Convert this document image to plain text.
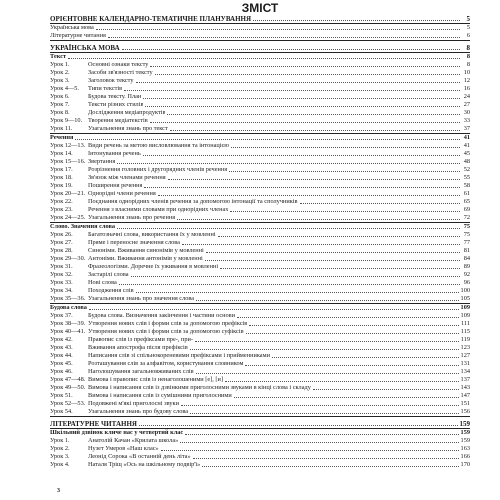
ЗМІСТ
ОРІЄНТОВНЕ КАЛЕНДАРНО-ТЕМАТИЧНЕ ПЛАНУВАННЯ	5
Українська мова	5
Літературне читання	6
УКРАЇНСЬКА МОВА	8
Текст	8
Урок 1.	Основні ознаки тексту	8
Урок 2.	Засоби зв'язності тексту	10
Урок 3.	Заголовок тексту	12
Урок 4—5.	Типи текстів	16
Урок 6.	Будова тексту. План	24
Урок 7.	Тексти різних стилів	27
Урок 8.	Дослідження медіапродуктів	30
Урок 9—10. Творення медіатекстів	33
Урок 11.	Узагальнення знань про текст	37
Речення	41
Урок 12—13. Види речень за метою висловлювання та інтонацією	41
Урок 14.	Інтонування речень	45
Урок 15—16. Звертання	48
Урок 17.	Розрізнення головних і другорядних членів речення	52
Урок 18.	Зв'язок між членами речення	55
Урок 19.	Поширення речення	58
Урок 20—21. Однорідні члени речення	61
Урок 22.	Поєднання однорідних членів речення за допомогою інтонації та сполучників	65
Урок 23.	Речення з власними словами при однорідних членах	69
Урок 24—25. Узагальнення знань про речення	72
Слово. Значення слова	75
Урок 26.	Багатозначні слова, використання їх у мовленні	75
Урок 27.	Пряме і переносне значення слова	77
Урок 28.	Синоніми. Вживання синонімів у мовленні	81
Урок 29—30. Антоніми. Вживання антонімів у мовленні	84
Урок 31.	Фразеологізми. Доречне їх уживання в мовленні	89
Урок 32.	Застарілі слова	92
Урок 33.	Нові слова	96
Урок 34.	Походження слів	100
Урок 35—36. Узагальнення знань про значення слова	105
Будова слова	109
Урок 37.	Будова слова. Визначення закінчення і частини основи	109
Урок 38—39. Утворення нових слів і форми слів за допомогою префіксів	111
Урок 40—41. Утворення нових слів і форми слів за допомогою суфіксів	115
Урок 42.	Правопис слів із префіксами пре-, при-	119
Урок 43.	Вживання апострофа після префіксів	123
Урок 44.	Написання слів зі спільнокореневими префіксами і прийменниками	127
Урок 45.	Розташування слів за алфавітом, користування словником	131
Урок 46.	Наголошування загальновживаних слів	134
Урок 47—48. Вимова і правопис слів із ненаголошеними [е], [и]	137
Урок 49—50. Вимова і написання слів із дзвінкими приголосними звуками в кінці слова і складу	143
Урок 51.	Вимова і написання слів із сумішними приголосними	147
Урок 52—53. Подовжені м'які приголосні звуки	151
Урок 54.	Узагальнення знань про будову слова	156
ЛІТЕРАТУРНЕ ЧИТАННЯ	159
Шкільний дзвінок кличе нас у четвертий клас	159
Урок 1.	Анатолій Качан «Крилата школа»	159
Урок 2.	Нузет Умеров «Наш клас»	163
Урок 3.	Леонід Сорока «В останній день літа»	166
Урок 4.	Наталя Тріщ «Ось на шкільному подвір'ї»	170
3
